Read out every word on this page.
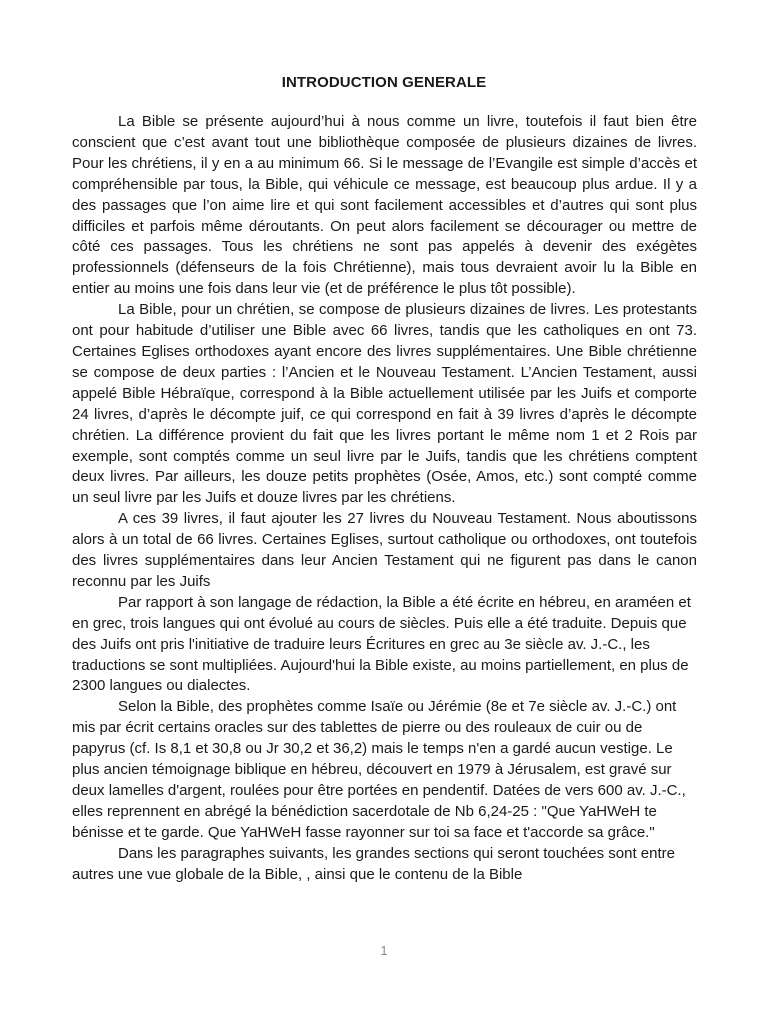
INTRODUCTION GENERALE

La Bible se présente aujourd’hui à nous comme un livre, toutefois il faut bien être conscient que c’est avant tout une bibliothèque composée de plusieurs dizaines de livres. Pour les chrétiens, il y en a au minimum 66. Si le message de l’Evangile est simple d’accès et compréhensible par tous, la Bible, qui véhicule ce message, est beaucoup plus ardue. Il y a des passages que l’on aime lire et qui sont facilement accessibles et d’autres qui sont plus difficiles et parfois même déroutants. On peut alors facilement se décourager ou mettre de côté ces passages. Tous les chrétiens ne sont pas appelés à devenir des exégètes professionnels (défenseurs de la fois Chrétienne), mais tous devraient avoir lu la Bible en entier au moins une fois dans leur vie (et de préférence le plus tôt possible).

La Bible, pour un chrétien, se compose de plusieurs dizaines de livres. Les protestants ont pour habitude d’utiliser une Bible avec 66 livres, tandis que les catholiques en ont 73. Certaines Eglises orthodoxes ayant encore des livres supplémentaires. Une Bible chrétienne se compose de deux parties : l’Ancien et le Nouveau Testament. L’Ancien Testament, aussi appelé Bible Hébraïque, correspond à la Bible actuellement utilisée par les Juifs et comporte 24 livres, d’après le décompte juif, ce qui correspond en fait à 39 livres d’après le décompte chrétien. La différence provient du fait que les livres portant le même nom 1 et 2 Rois par exemple, sont comptés comme un seul livre par le Juifs, tandis que les chrétiens comptent deux livres. Par ailleurs, les douze petits prophètes (Osée, Amos, etc.) sont compté comme un seul livre par les Juifs et douze livres par les chrétiens.

A ces 39 livres, il faut ajouter les 27 livres du Nouveau Testament. Nous aboutissons alors à un total de 66 livres. Certaines Eglises, surtout catholique ou orthodoxes, ont toutefois des livres supplémentaires dans leur Ancien Testament qui ne figurent pas dans le canon reconnu par les Juifs

Par rapport à son langage de rédaction, la Bible a été écrite en hébreu, en araméen et en grec, trois langues qui ont évolué au cours de siècles. Puis elle a été traduite. Depuis que des Juifs ont pris l'initiative de traduire leurs Écritures en grec au 3e siècle av. J.-C., les traductions se sont multipliées. Aujourd'hui la Bible existe, au moins partiellement, en plus de 2300 langues ou dialectes.

Selon la Bible, des prophètes comme Isaïe ou Jérémie (8e et 7e siècle av. J.-C.) ont mis par écrit certains oracles sur des tablettes de pierre ou des rouleaux de cuir ou de papyrus (cf. Is 8,1 et 30,8 ou Jr 30,2 et 36,2) mais le temps n'en a gardé aucun vestige. Le plus ancien témoignage biblique en hébreu, découvert en 1979 à Jérusalem, est gravé sur deux lamelles d'argent, roulées pour être portées en pendentif. Datées de vers 600 av. J.-C., elles reprennent en abrégé la bénédiction sacerdotale de Nb 6,24-25 : "Que YaHWeH te bénisse et te garde. Que YaHWeH fasse rayonner sur toi sa face et t'accorde sa grâce."

Dans les paragraphes suivants, les grandes sections qui seront touchées sont entre autres une vue globale de la Bible, , ainsi que le contenu de la Bible

1
